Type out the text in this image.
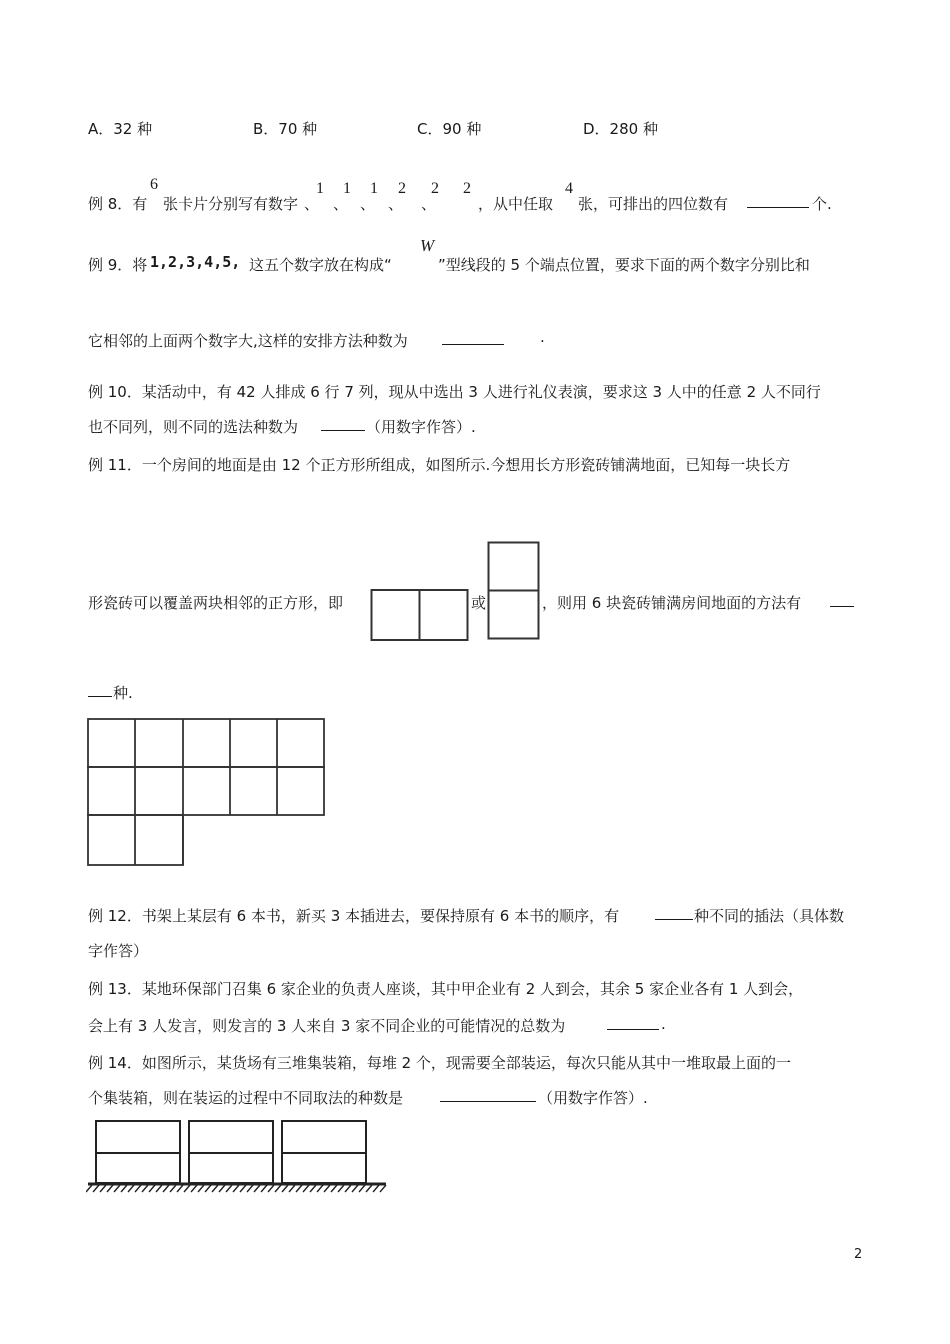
A．32 种	B．70 种	C．90 种	D．280 种
例 8．有
6
张卡片分别写有数字
1
、
1
、
1
、
2
、
2
、
2
，从中任取
4
张，可排出的四位数有	个.
例 9．将 1,2,3,4,5, 这五个数字放在构成“
W
”型线段的 5 个端点位置，要求下面的两个数字分别比和
它相邻的上面两个数字大,这样的安排方法种数为	.
例 10．某活动中，有 42 人排成 6 行 7 列，现从中选出 3 人进行礼仪表演，要求这 3 人中的任意 2 人不同行
也不同列，则不同的选法种数为	（用数字作答）.
例 11．一个房间的地面是由 12 个正方形所组成，如图所示.今想用长方形瓷砖铺满地面，已知每一块长方
形瓷砖可以覆盖两块相邻的正方形，即	或	，则用 6 块瓷砖铺满房间地面的方法有
种.
例 12．书架上某层有 6 本书，新买 3 本插进去，要保持原有 6 本书的顺序，有	种不同的插法（具体数
字作答）
例 13．某地环保部门召集 6 家企业的负责人座谈，其中甲企业有 2 人到会，其余 5 家企业各有 1 人到会，
会上有 3 人发言，则发言的 3 人来自 3 家不同企业的可能情况的总数为	.
例 14．如图所示，某货场有三堆集装箱，每堆 2 个，现需要全部装运，每次只能从其中一堆取最上面的一
个集装箱，则在装运的过程中不同取法的种数是	（用数字作答）.
2
